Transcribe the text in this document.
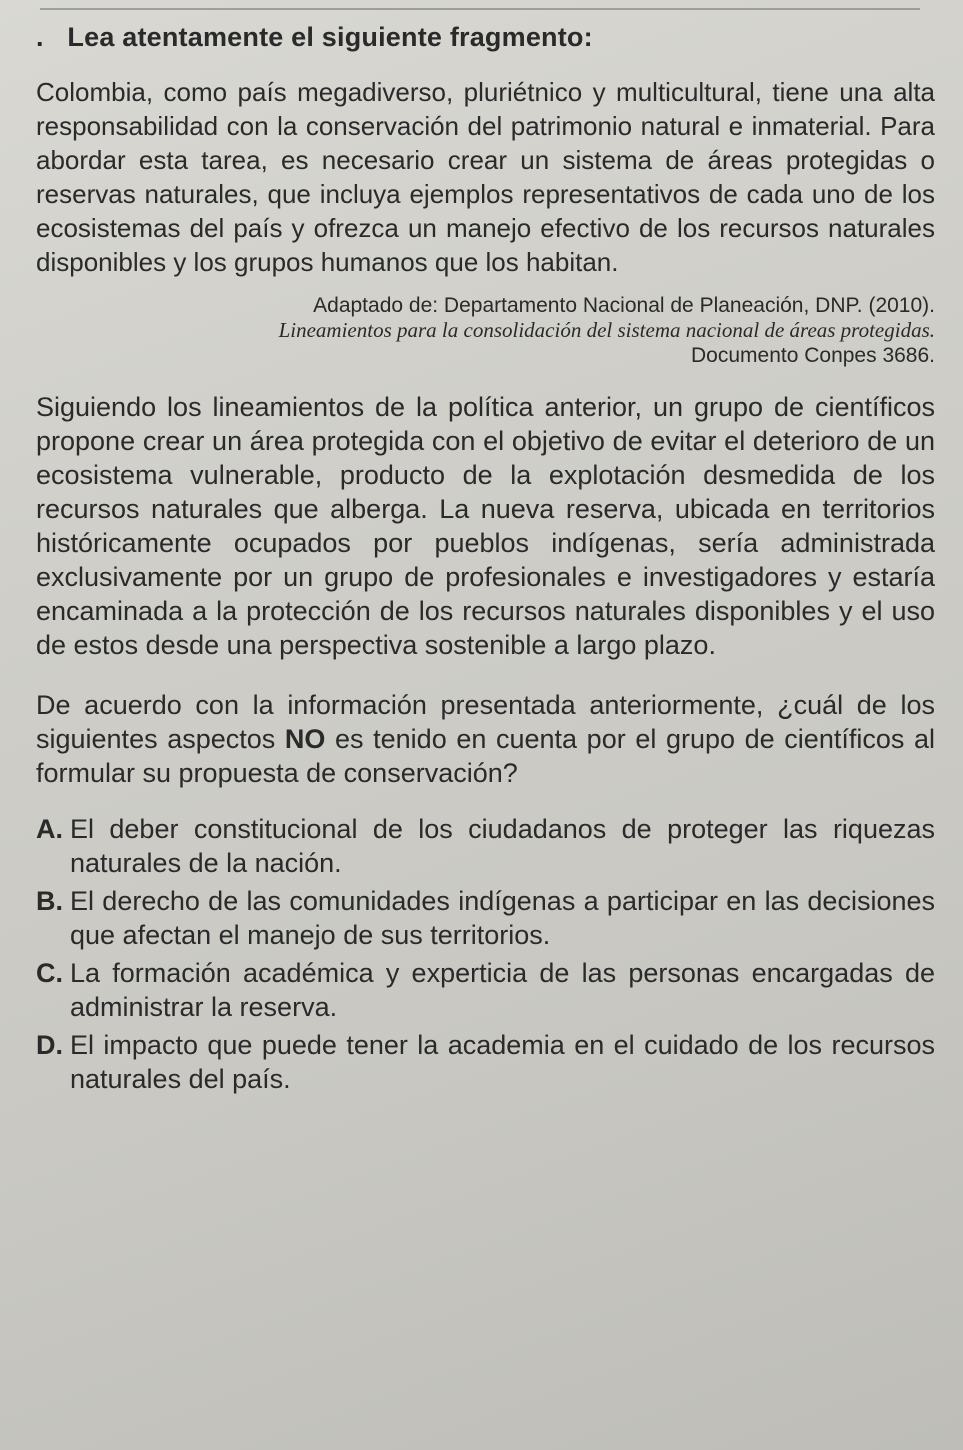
. Lea atentamente el siguiente fragmento:

Colombia, como país megadiverso, pluriétnico y multicultural, tiene una alta responsabilidad con la conservación del patrimonio natural e inmaterial. Para abordar esta tarea, es necesario crear un sistema de áreas protegidas o reservas naturales, que incluya ejemplos representativos de cada uno de los ecosistemas del país y ofrezca un manejo efectivo de los recursos naturales disponibles y los grupos humanos que los habitan.

Adaptado de: Departamento Nacional de Planeación, DNP. (2010).
Lineamientos para la consolidación del sistema nacional de áreas protegidas.
Documento Conpes 3686.

Siguiendo los lineamientos de la política anterior, un grupo de científicos propone crear un área protegida con el objetivo de evitar el deterioro de un ecosistema vulnerable, producto de la explotación desmedida de los recursos naturales que alberga. La nueva reserva, ubicada en territorios históricamente ocupados por pueblos indígenas, sería administrada exclusivamente por un grupo de profesionales e investigadores y estaría encaminada a la protección de los recursos naturales disponibles y el uso de estos desde una perspectiva sostenible a largo plazo.

De acuerdo con la información presentada anteriormente, ¿cuál de los siguientes aspectos NO es tenido en cuenta por el grupo de científicos al formular su propuesta de conservación?

A. El deber constitucional de los ciudadanos de proteger las riquezas naturales de la nación.
B. El derecho de las comunidades indígenas a participar en las decisiones que afectan el manejo de sus territorios.
C. La formación académica y experticia de las personas encargadas de administrar la reserva.
D. El impacto que puede tener la academia en el cuidado de los recursos naturales del país.
